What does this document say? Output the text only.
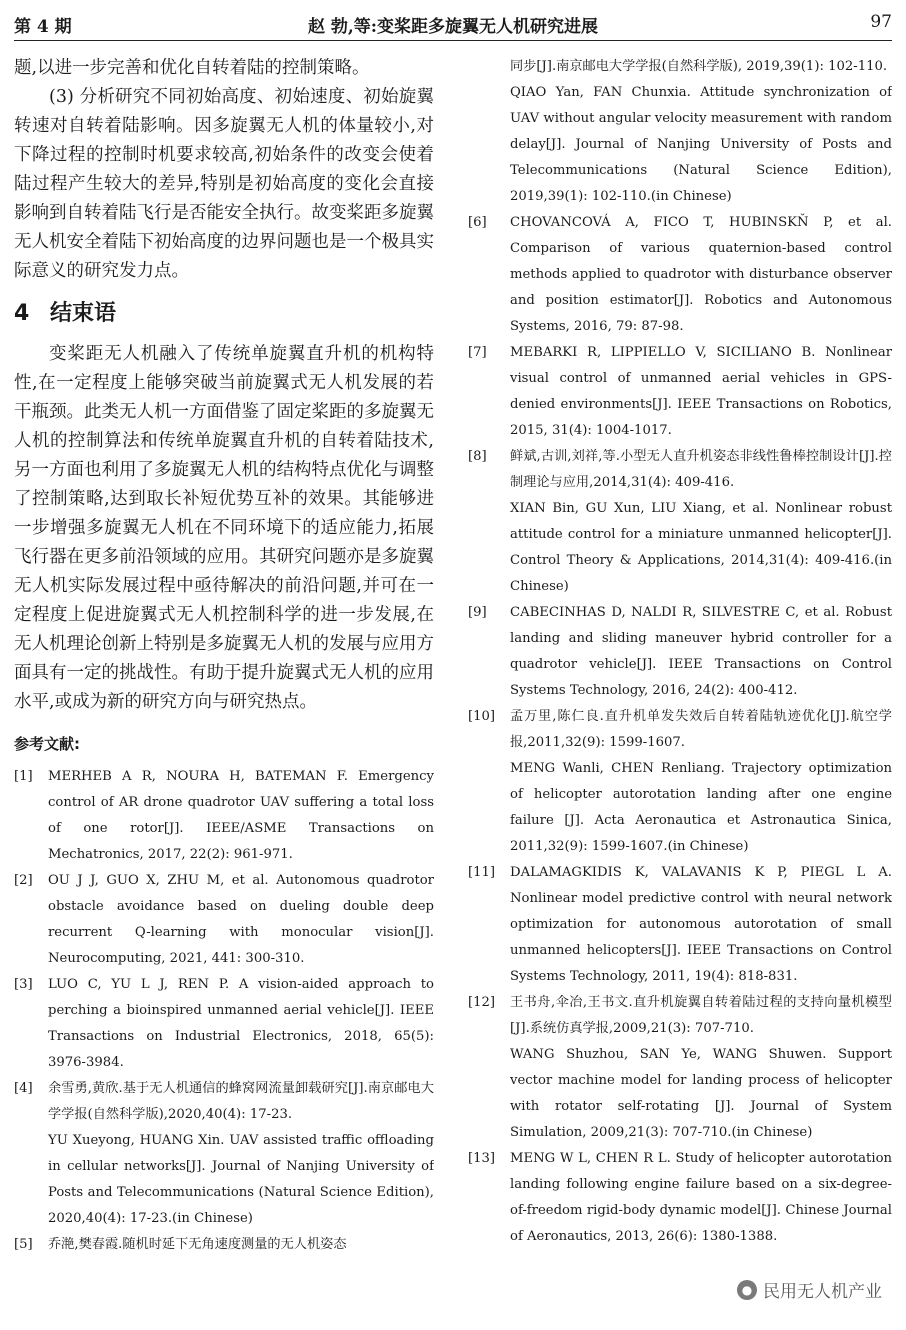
第 4 期	赵 勃,等:变桨距多旋翼无人机研究进展	97

题,以进一步完善和优化自转着陆的控制策略。

(3) 分析研究不同初始高度、初始速度、初始旋翼转速对自转着陆影响。因多旋翼无人机的体量较小,对下降过程的控制时机要求较高,初始条件的改变会使着陆过程产生较大的差异,特别是初始高度的变化会直接影响到自转着陆飞行是否能安全执行。故变桨距多旋翼无人机安全着陆下初始高度的边界问题也是一个极具实际意义的研究发力点。

4 结束语

变桨距无人机融入了传统单旋翼直升机的机构特性,在一定程度上能够突破当前旋翼式无人机发展的若干瓶颈。此类无人机一方面借鉴了固定桨距的多旋翼无人机的控制算法和传统单旋翼直升机的自转着陆技术,另一方面也利用了多旋翼无人机的结构特点优化与调整了控制策略,达到取长补短优势互补的效果。其能够进一步增强多旋翼无人机在不同环境下的适应能力,拓展飞行器在更多前沿领域的应用。其研究问题亦是多旋翼无人机实际发展过程中亟待解决的前沿问题,并可在一定程度上促进旋翼式无人机控制科学的进一步发展,在无人机理论创新上特别是多旋翼无人机的发展与应用方面具有一定的挑战性。有助于提升旋翼式无人机的应用水平,或成为新的研究方向与研究热点。

参考文献:
[1] MERHEB A R, NOURA H, BATEMAN F. Emergency control of AR drone quadrotor UAV suffering a total loss of one rotor[J]. IEEE/ASME Transactions on Mechatronics, 2017, 22(2): 961-971.
[2] OU J J, GUO X, ZHU M, et al. Autonomous quadrotor obstacle avoidance based on dueling double deep recurrent Q-learning with monocular vision[J]. Neurocomputing, 2021, 441: 300-310.
[3] LUO C, YU L J, REN P. A vision-aided approach to perching a bioinspired unmanned aerial vehicle[J]. IEEE Transactions on Industrial Electronics, 2018, 65(5): 3976-3984.
[4] 余雪勇,黄欣.基于无人机通信的蜂窝网流量卸载研究[J].南京邮电大学学报(自然科学版),2020,40(4): 17-23.
YU Xueyong, HUANG Xin. UAV assisted traffic offloading in cellular networks[J]. Journal of Nanjing University of Posts and Telecommunications (Natural Science Edition), 2020,40(4): 17-23.(in Chinese)
[5] 乔滟,樊春霞.随机时延下无角速度测量的无人机姿态
同步[J].南京邮电大学学报(自然科学版), 2019,39(1): 102-110.
QIAO Yan, FAN Chunxia. Attitude synchronization of UAV without angular velocity measurement with random delay[J]. Journal of Nanjing University of Posts and Telecommunications (Natural Science Edition), 2019,39(1): 102-110.(in Chinese)
[6] CHOVANCOVÁ A, FICO T, HUBINSKŇ P, et al. Comparison of various quaternion-based control methods applied to quadrotor with disturbance observer and position estimator[J]. Robotics and Autonomous Systems, 2016, 79: 87-98.
[7] MEBARKI R, LIPPIELLO V, SICILIANO B. Nonlinear visual control of unmanned aerial vehicles in GPS-denied environments[J]. IEEE Transactions on Robotics, 2015, 31(4): 1004-1017.
[8] 鲜斌,古训,刘祥,等.小型无人直升机姿态非线性鲁棒控制设计[J].控制理论与应用,2014,31(4): 409-416.
XIAN Bin, GU Xun, LIU Xiang, et al. Nonlinear robust attitude control for a miniature unmanned helicopter[J]. Control Theory & Applications, 2014,31(4): 409-416.(in Chinese)
[9] CABECINHAS D, NALDI R, SILVESTRE C, et al. Robust landing and sliding maneuver hybrid controller for a quadrotor vehicle[J]. IEEE Transactions on Control Systems Technology, 2016, 24(2): 400-412.
[10] 孟万里,陈仁良.直升机单发失效后自转着陆轨迹优化[J].航空学报,2011,32(9): 1599-1607.
MENG Wanli, CHEN Renliang. Trajectory optimization of helicopter autorotation landing after one engine failure [J]. Acta Aeronautica et Astronautica Sinica, 2011,32(9): 1599-1607.(in Chinese)
[11] DALAMAGKIDIS K, VALAVANIS K P, PIEGL L A. Nonlinear model predictive control with neural network optimization for autonomous autorotation of small unmanned helicopters[J]. IEEE Transactions on Control Systems Technology, 2011, 19(4): 818-831.
[12] 王书舟,伞冶,王书文.直升机旋翼自转着陆过程的支持向量机模型[J].系统仿真学报,2009,21(3): 707-710.
WANG Shuzhou, SAN Ye, WANG Shuwen. Support vector machine model for landing process of helicopter with rotator self-rotating [J]. Journal of System Simulation, 2009,21(3): 707-710.(in Chinese)
[13] MENG W L, CHEN R L. Study of helicopter autorotation landing following engine failure based on a six-degree-of-freedom rigid-body dynamic model[J]. Chinese Journal of Aeronautics, 2013, 26(6): 1380-1388.
● 民用无人机产业
